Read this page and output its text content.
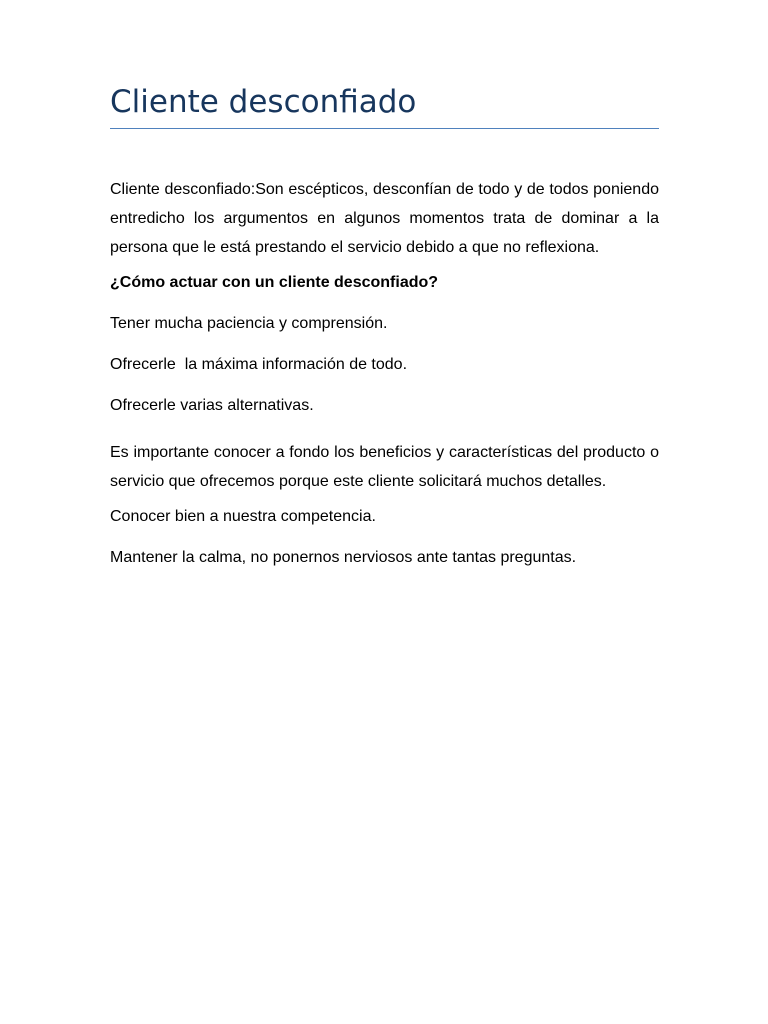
Cliente desconfiado

Cliente desconfiado:Son escépticos, desconfían de todo y de todos poniendo entredicho los argumentos en algunos momentos trata de dominar a la persona que le está prestando el servicio debido a que no reflexiona.

¿Cómo actuar con un cliente desconfiado?

Tener mucha paciencia y comprensión.

Ofrecerle  la máxima información de todo.

Ofrecerle varias alternativas.

Es importante conocer a fondo los beneficios y características del producto o servicio que ofrecemos porque este cliente solicitará muchos detalles.

Conocer bien a nuestra competencia.

Mantener la calma, no ponernos nerviosos ante tantas preguntas.
